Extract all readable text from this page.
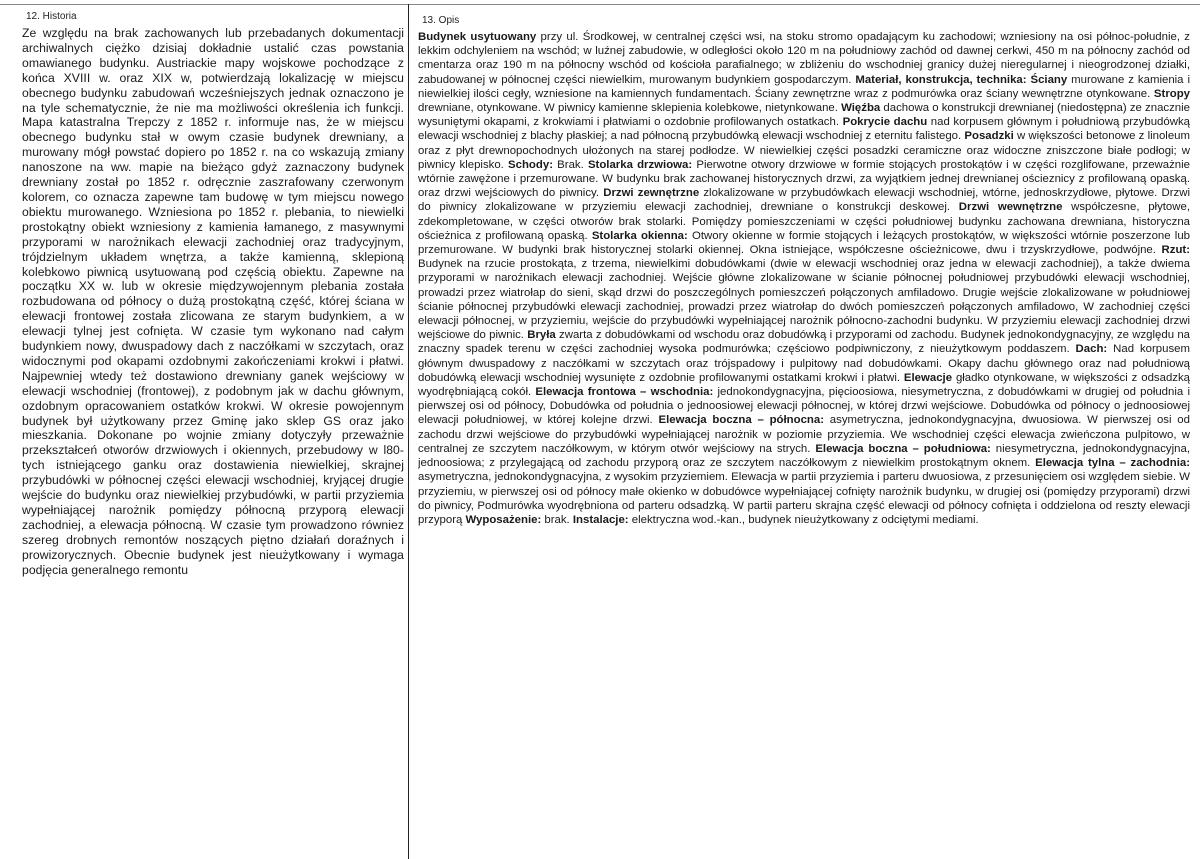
12. Historia
Ze względu na brak zachowanych lub przebadanych dokumentacji archiwalnych ciężko dzisiaj dokładnie ustalić czas powstania omawianego budynku. Austriackie mapy wojskowe pochodzące z końca XVIII w. oraz XIX w, potwierdzają lokalizację w miejscu obecnego budynku zabudowań wcześniejszych jednak oznaczono je na tyle schematycznie, że nie ma możliwości określenia ich funkcji. Mapa katastralna Trepczy z 1852 r. informuje nas, że w miejscu obecnego budynku stał w owym czasie budynek drewniany, a murowany mógł powstać dopiero po 1852 r. na co wskazują zmiany nanoszone na ww. mapie na bieżąco gdyż zaznaczony budynek drewniany został po 1852 r. odręcznie zaszrafowany czerwonym kolorem, co oznacza zapewne tam budowę w tym miejscu nowego obiektu murowanego. Wzniesiona po 1852 r. plebania, to niewielki prostokątny obiekt wzniesiony z kamienia łamanego, z masywnymi przyporami w narożnikach elewacji zachodniej oraz tradycyjnym, trójdzielnym układem wnętrza, a także kamienną, sklepioną kolebkowo piwnicą usytuowaną pod częścią obiektu. Zapewne na początku XX w. lub w okresie międzywojennym plebania została rozbudowana od północy o dużą prostokątną część, której ściana w elewacji frontowej została zlicowana ze starym budynkiem, a w elewacji tylnej jest cofnięta. W czasie tym wykonano nad całym budynkiem nowy, dwuspadowy dach z naczółkami w szczytach, oraz widocznymi pod okapami ozdobnymi zakończeniami krokwi i płatwi. Najpewniej wtedy też dostawiono drewniany ganek wejściowy w elewacji wschodniej (frontowej), z podobnym jak w dachu głównym, ozdobnym opracowaniem ostatków krokwi. W okresie powojennym budynek był użytkowany przez Gminę jako sklep GS oraz jako mieszkania. Dokonane po wojnie zmiany dotyczyły przeważnie przekształceń otworów drzwiowych i okiennych, przebudowy w l80-tych istniejącego ganku oraz dostawienia niewielkiej, skrajnej przybudówki w północnej części elewacji wschodniej, kryjącej drugie wejście do budynku oraz niewielkiej przybudówki, w partii przyziemia wypełniającej narożnik pomiędzy północną przyporą elewacji zachodniej, a elewacja północną. W czasie tym prowadzono równiez szereg drobnych remontów noszących piętno działań doraźnych i prowizorycznych. Obecnie budynek jest nieużytkowany i wymaga podjęcia generalnego remontu
13. Opis
Budynek usytuowany przy ul. Środkowej, w centralnej części wsi, na stoku stromo opadającym ku zachodowi; wzniesiony na osi północ-południe, z lekkim odchyleniem na wschód; w luźnej zabudowie, w odległości około 120 m na południowy zachód od dawnej cerkwi, 450 m na północny zachód od cmentarza oraz 190 m na północny wschód od kościoła parafialnego; w zbliżeniu do wschodniej granicy dużej nieregularnej i nieogrodzonej działki, zabudowanej w północnej części niewielkim, murowanym budynkiem gospodarczym. Materiał, konstrukcja, technika: Ściany murowane z kamienia i niewielkiej ilości cegły, wzniesione na kamiennych fundamentach. Ściany zewnętrzne wraz z podmurówka oraz ściany wewnętrzne otynkowane. Stropy drewniane, otynkowane. W piwnicy kamienne sklepienia kolebkowe, nietynkowane. Więźba dachowa o konstrukcji drewnianej (niedostępna) ze znacznie wysuniętymi okapami, z krokwiami i płatwiami o ozdobnie profilowanych ostatkach. Pokrycie dachu nad korpusem głównym i południową przybudówką elewacji wschodniej z blachy płaskiej; a nad północną przybudówką elewacji wschodniej z eternitu falistego. Posadzki w większości betonowe z linoleum oraz z płyt drewnopochodnych ułożonych na starej podłodze. W niewielkiej części posadzki ceramiczne oraz widoczne zniszczone białe podłogi; w piwnicy klepisko. Schody: Brak. Stolarka drzwiowa: Pierwotne otwory drzwiowe w formie stojących prostokątów i w części rozglifowane, przeważnie wtórnie zawężone i przemurowane. W budynku brak zachowanej historycznych drzwi, za wyjątkiem jednej drewnianej ościeznicy z profilowaną opaską. oraz drzwi wejściowych do piwnicy. Drzwi zewnętrzne zlokalizowane w przybudówkach elewacji wschodniej, wtórne, jednoskrzydłowe, płytowe. Drzwi do piwnicy zlokalizowane w przyziemiu elewacji zachodniej, drewniane o konstrukcji deskowej. Drzwi wewnętrzne współczesne, płytowe, zdekompletowane, w części otworów brak stolarki. Pomiędzy pomieszczeniami w części południowej budynku zachowana drewniana, historyczna ościeżnica z profilowaną opaską. Stolarka okienna: Otwory okienne w formie stojących i leżących prostokątów, w większości wtórnie poszerzone lub przemurowane. W budynki brak historycznej stolarki okiennej. Okna istniejące, współczesne ościeżnicowe, dwu i trzyskrzydłowe, podwójne. Rzut: Budynek na rzucie prostokąta, z trzema, niewielkimi dobudówkami (dwie w elewacji wschodniej oraz jedna w elewacji zachodniej), a także dwiema przyporami w narożnikach elewacji zachodniej. Wejście główne zlokalizowane w ścianie północnej południowej przybudówki elewacji wschodniej, prowadzi przez wiatrołap do sieni, skąd drzwi do poszczególnych pomieszczeń połączonych amfiladowo. Drugie wejście zlokalizowane w południowej ścianie północnej przybudówki elewacji zachodniej, prowadzi przez wiatrołap do dwóch pomieszczeń połączonych amfiladowo, W zachodniej części elewacji północnej, w przyziemiu, wejście do przybudówki wypełniającej narożnik północno-zachodni budynku. W przyziemiu elewacji zachodniej drzwi wejściowe do piwnic. Bryła zwarta z dobudówkami od wschodu oraz dobudówką i przyporami od zachodu. Budynek jednokondygnacyjny, ze względu na znaczny spadek terenu w części zachodniej wysoka podmurówka; częściowo podpiwniczony, z nieużytkowym poddaszem. Dach: Nad korpusem głównym dwuspadowy z naczółkami w szczytach oraz trójspadowy i pulpitowy nad dobudówkami. Okapy dachu głównego oraz nad południową dobudówką elewacji wschodniej wysunięte z ozdobnie profilowanymi ostatkami krokwi i płatwi. Elewacje gładko otynkowane, w większości z odsadzką wyodrębniającą cokół. Elewacja frontowa – wschodnia: jednokondygnacyjna, pięcioosiowa, niesymetryczna, z dobudówkami w drugiej od południa i pierwszej osi od północy, Dobudówka od południa o jednoosiowej elewacji północnej, w której drzwi wejściowe. Dobudówka od północy o jednoosiowej elewacji południowej, w której kolejne drzwi. Elewacja boczna – północna: asymetryczna, jednokondygnacyjna, dwuosiowa. W pierwszej osi od zachodu drzwi wejściowe do przybudówki wypełniającej narożnik w poziomie przyziemia. We wschodniej części elewacja zwieńczona pulpitowo, w centralnej ze szczytem naczółkowym, w którym otwór wejściowy na strych. Elewacja boczna – południowa: niesymetryczna, jednokondygnacyjna, jednoosiowa; z przylegającą od zachodu przyporą oraz ze szczytem naczółkowym z niewielkim prostokątnym oknem. Elewacja tylna – zachodnia: asymetryczna, jednokondygnacyjna, z wysokim przyziemiem. Elewacja w partii przyziemia i parteru dwuosiowa, z przesunięciem osi względem siebie. W przyziemiu, w pierwszej osi od północy małe okienko w dobudówce wypełniającej cofnięty narożnik budynku, w drugiej osi (pomiędzy przyporami) drzwi do piwnicy, Podmurówka wyodrębniona od parteru odsadzką. W partii parteru skrajna część elewacji od północy cofnięta i oddzielona od reszty elewacji przyporą Wyposażenie: brak. Instalacje: elektryczna wod.-kan., budynek nieużytkowany z odciętymi mediami.
